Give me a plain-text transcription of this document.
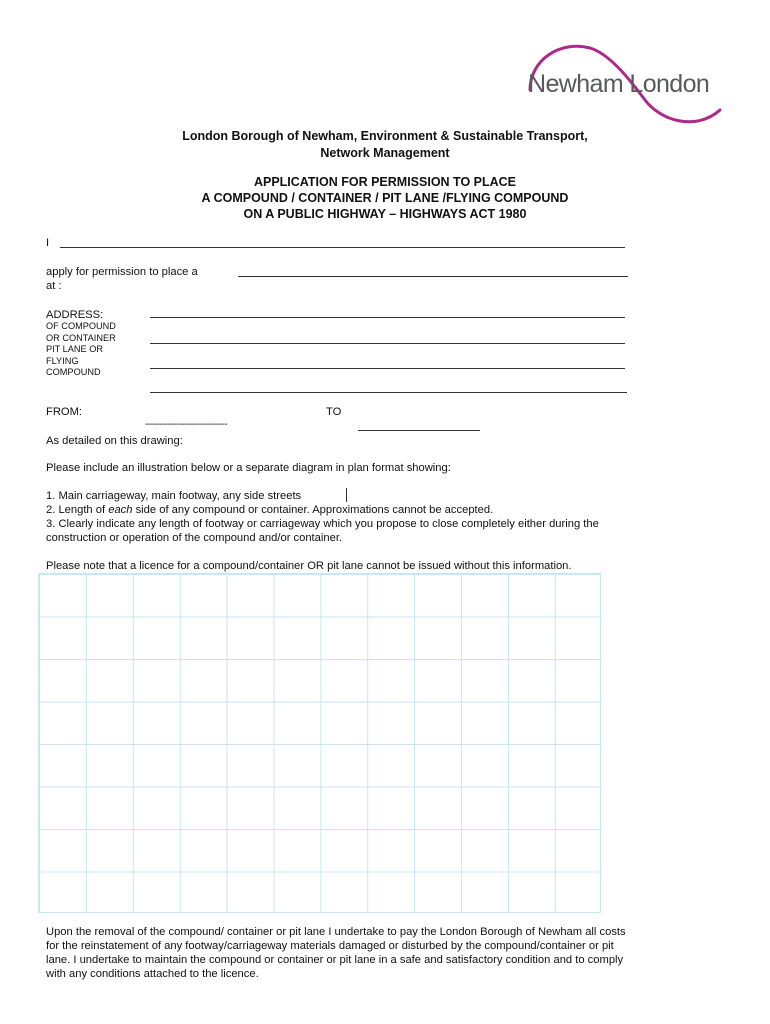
Newham London
London Borough of Newham, Environment & Sustainable Transport,
Network Management
APPLICATION FOR PERMISSION TO PLACE
A COMPOUND / CONTAINER / PIT LANE /FLYING COMPOUND
ON A PUBLIC HIGHWAY – HIGHWAYS ACT 1980
I
apply for permission to place a
at :
ADDRESS:
OF COMPOUND
OR CONTAINER
PIT LANE OR
FLYING
COMPOUND
FROM:
-----------------------------
TO
As detailed on this drawing:
Please include an illustration below or a separate diagram in plan format showing:
1. Main carriageway, main footway, any side streets
2. Length of each side of any compound or container. Approximations cannot be accepted.
3. Clearly indicate any length of footway or carriageway which you propose to close completely either during the
construction or operation of the compound and/or container.
Please note that a licence for a compound/container OR pit lane cannot be issued without this information.
Upon the removal of the compound/ container or pit lane I undertake to pay the London Borough of Newham all costs
for the reinstatement of any footway/carriageway materials damaged or disturbed by the compound/container or pit
lane. I undertake to maintain the compound or container or pit lane in a safe and satisfactory condition and to comply
with any conditions attached to the licence.
